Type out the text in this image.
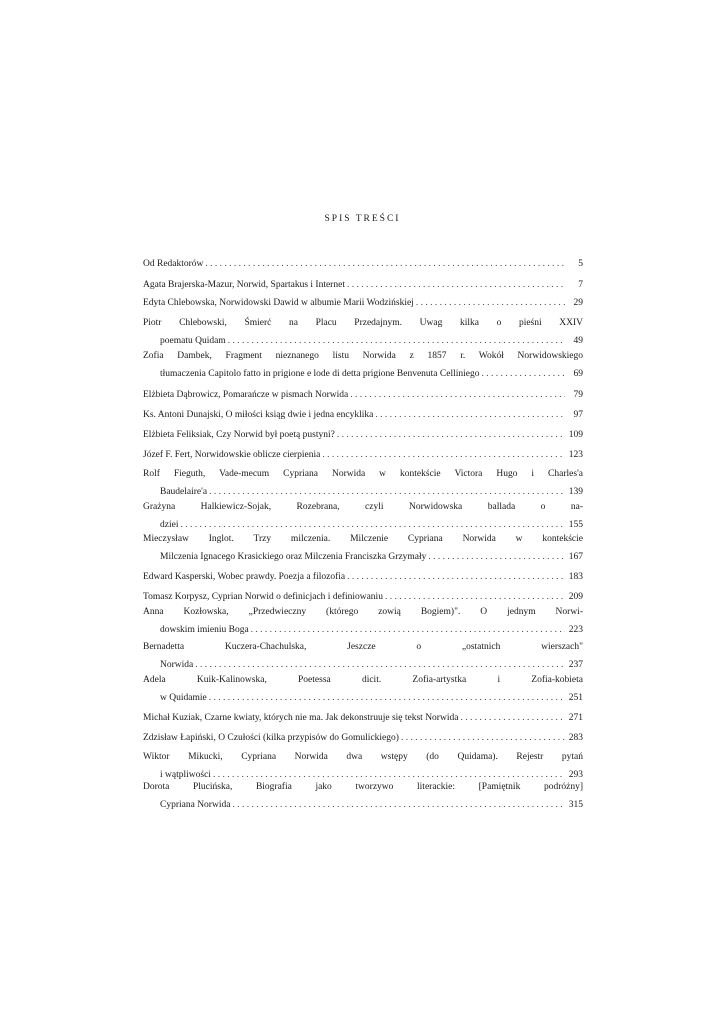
SPIS TREŚCI
Od Redaktorów . . .	5
Agata Brajerska-Mazur, Norwid, Spartakus i Internet . . .	7
Edyta Chlebowska, Norwidowski Dawid w albumie Marii Wodzińskiej . . .	29
Piotr Chlebowski, Śmierć na Placu Przedajnym. Uwag kilka o pieśni XXIV
poematu Quidam . . .	49
Zofia Dambek, Fragment nieznanego listu Norwida z 1857 r. Wokół Norwidowskiego
tłumaczenia Capitolo fatto in prigione e lode di detta prigione Benvenuta Celliniego . . .	69
Elżbieta Dąbrowicz, Pomarańcze w pismach Norwida . . .	79
Ks. Antoni Dunajski, O miłości ksiąg dwie i jedna encyklika . . .	97
Elżbieta Feliksiak, Czy Norwid był poetą pustyni? . . .	109
Józef F. Fert, Norwidowskie oblicze cierpienia . . .	123
Rolf Fieguth, Vade-mecum Cypriana Norwida w kontekście Victora Hugo i Charles'a
Baudelaire'a . . .	139
Grażyna Halkiewicz-Sojak, Rozebrana, czyli Norwidowska ballada o na-
dziei . . .	155
Mieczysław Inglot. Trzy milczenia. Milczenie Cypriana Norwida w kontekście
Milczenia Ignacego Krasickiego oraz Milczenia Franciszka Grzymały . . .	167
Edward Kasperski, Wobec prawdy. Poezja a filozofia . . .	183
Tomasz Korpysz, Cyprian Norwid o definicjach i definiowaniu . . .	209
Anna Kozłowska, „Przedwieczny (którego zowią Bogiem)". O jednym Norwi-
dowskim imieniu Boga . . .	223
Bernadetta Kuczera-Chachulska, Jeszcze o „ostatnich wierszach"
Norwida . . .	237
Adela Kuik-Kalinowska, Poetessa dicit. Zofia-artystka i Zofia-kobieta
w Quidamie . . .	251
Michał Kuziak, Czarne kwiaty, których nie ma. Jak dekonstruuje się tekst Norwida . . .	271
Zdzisław Łapiński, O Czułości (kilka przypisów do Gomulickiego) . . .	283
Wiktor Mikucki, Cypriana Norwida dwa wstępy (do Quidama). Rejestr pytań
i wątpliwości . . .	293
Dorota Plucińska, Biografia jako tworzywo literackie: [Pamiętnik podróżny]
Cypriana Norwida . . .	315
